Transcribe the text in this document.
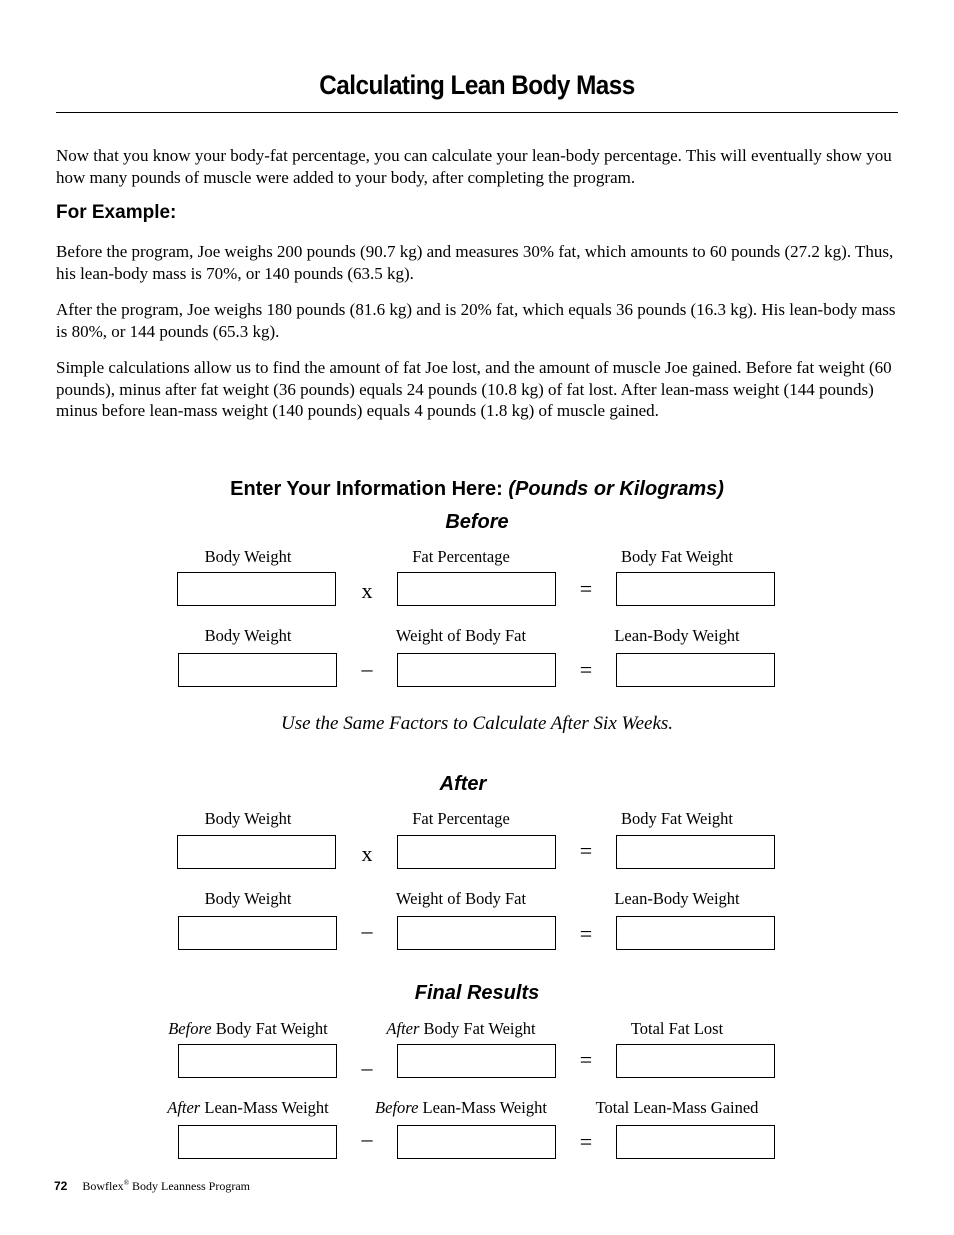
Calculating Lean Body Mass

Now that you know your body-fat percentage, you can calculate your lean-body percentage. This will eventually show you how many pounds of muscle were added to your body, after completing the program.

For Example:

Before the program, Joe weighs 200 pounds (90.7 kg) and measures 30% fat, which amounts to 60 pounds (27.2 kg). Thus, his lean-body mass is 70%, or 140 pounds (63.5 kg).

After the program, Joe weighs 180 pounds (81.6 kg) and is 20% fat, which equals 36 pounds (16.3 kg). His lean-body mass is 80%, or 144 pounds (65.3 kg).

Simple calculations allow us to find the amount of fat Joe lost, and the amount of muscle Joe gained. Before fat weight (60 pounds), minus after fat weight (36 pounds) equals 24 pounds (10.8 kg) of fat lost. After lean-mass weight (144 pounds) minus before lean-mass weight (140 pounds) equals 4 pounds (1.8 kg) of muscle gained.

Enter Your Information Here: (Pounds or Kilograms)
Before
Body Weight	Fat Percentage	Body Fat Weight
x	=
Body Weight	Weight of Body Fat	Lean-Body Weight
–	=
Use the Same Factors to Calculate After Six Weeks.
After
Body Weight	Fat Percentage	Body Fat Weight
x	=
Body Weight	Weight of Body Fat	Lean-Body Weight
–	=
Final Results
Before Body Fat Weight	After Body Fat Weight	Total Fat Lost
–	=
After Lean-Mass Weight	Before Lean-Mass Weight	Total Lean-Mass Gained
–	=
72 Bowflex® Body Leanness Program
